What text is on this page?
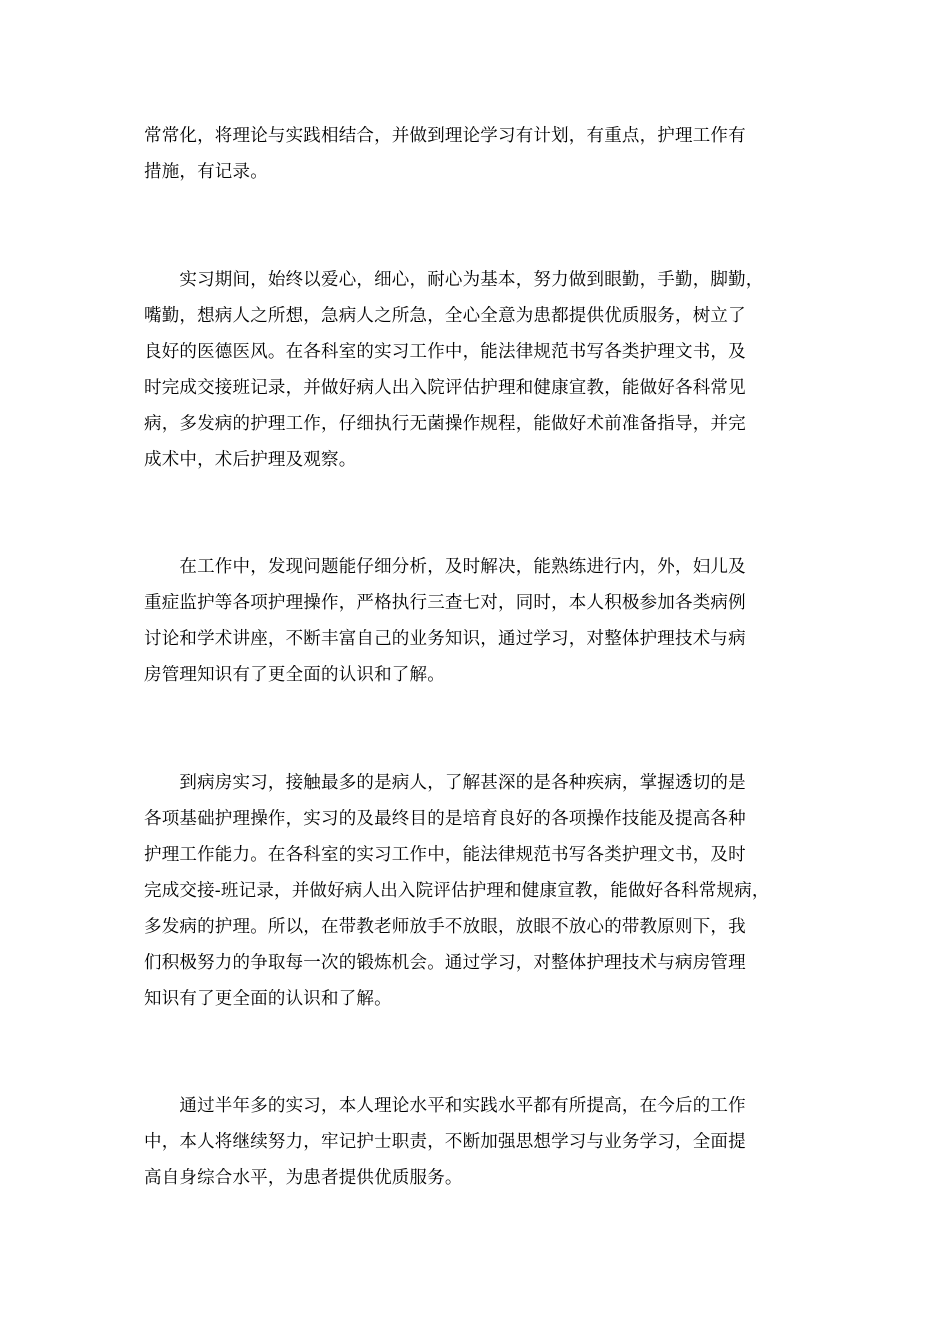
常常化，将理论与实践相结合，并做到理论学习有计划，有重点，护理工作有
措施，有记录。
　　实习期间，始终以爱心，细心，耐心为基本，努力做到眼勤，手勤，脚勤，
嘴勤，想病人之所想，急病人之所急，全心全意为患都提供优质服务，树立了
良好的医德医风。在各科室的实习工作中，能法律规范书写各类护理文书，及
时完成交接班记录，并做好病人出入院评估护理和健康宣教，能做好各科常见
病，多发病的护理工作，仔细执行无菌操作规程，能做好术前准备指导，并完
成术中，术后护理及观察。
　　在工作中，发现问题能仔细分析，及时解决，能熟练进行内，外，妇儿及
重症监护等各项护理操作，严格执行三查七对，同时，本人积极参加各类病例
讨论和学术讲座，不断丰富自己的业务知识，通过学习，对整体护理技术与病
房管理知识有了更全面的认识和了解。
　　到病房实习，接触最多的是病人，了解甚深的是各种疾病，掌握透切的是
各项基础护理操作，实习的及最终目的是培育良好的各项操作技能及提高各种
护理工作能力。在各科室的实习工作中，能法律规范书写各类护理文书，及时
完成交接-班记录，并做好病人出入院评估护理和健康宣教，能做好各科常规病，
多发病的护理。所以，在带教老师放手不放眼，放眼不放心的带教原则下，我
们积极努力的争取每一次的锻炼机会。通过学习，对整体护理技术与病房管理
知识有了更全面的认识和了解。
　　通过半年多的实习，本人理论水平和实践水平都有所提高，在今后的工作
中，本人将继续努力，牢记护士职责，不断加强思想学习与业务学习，全面提
高自身综合水平，为患者提供优质服务。
